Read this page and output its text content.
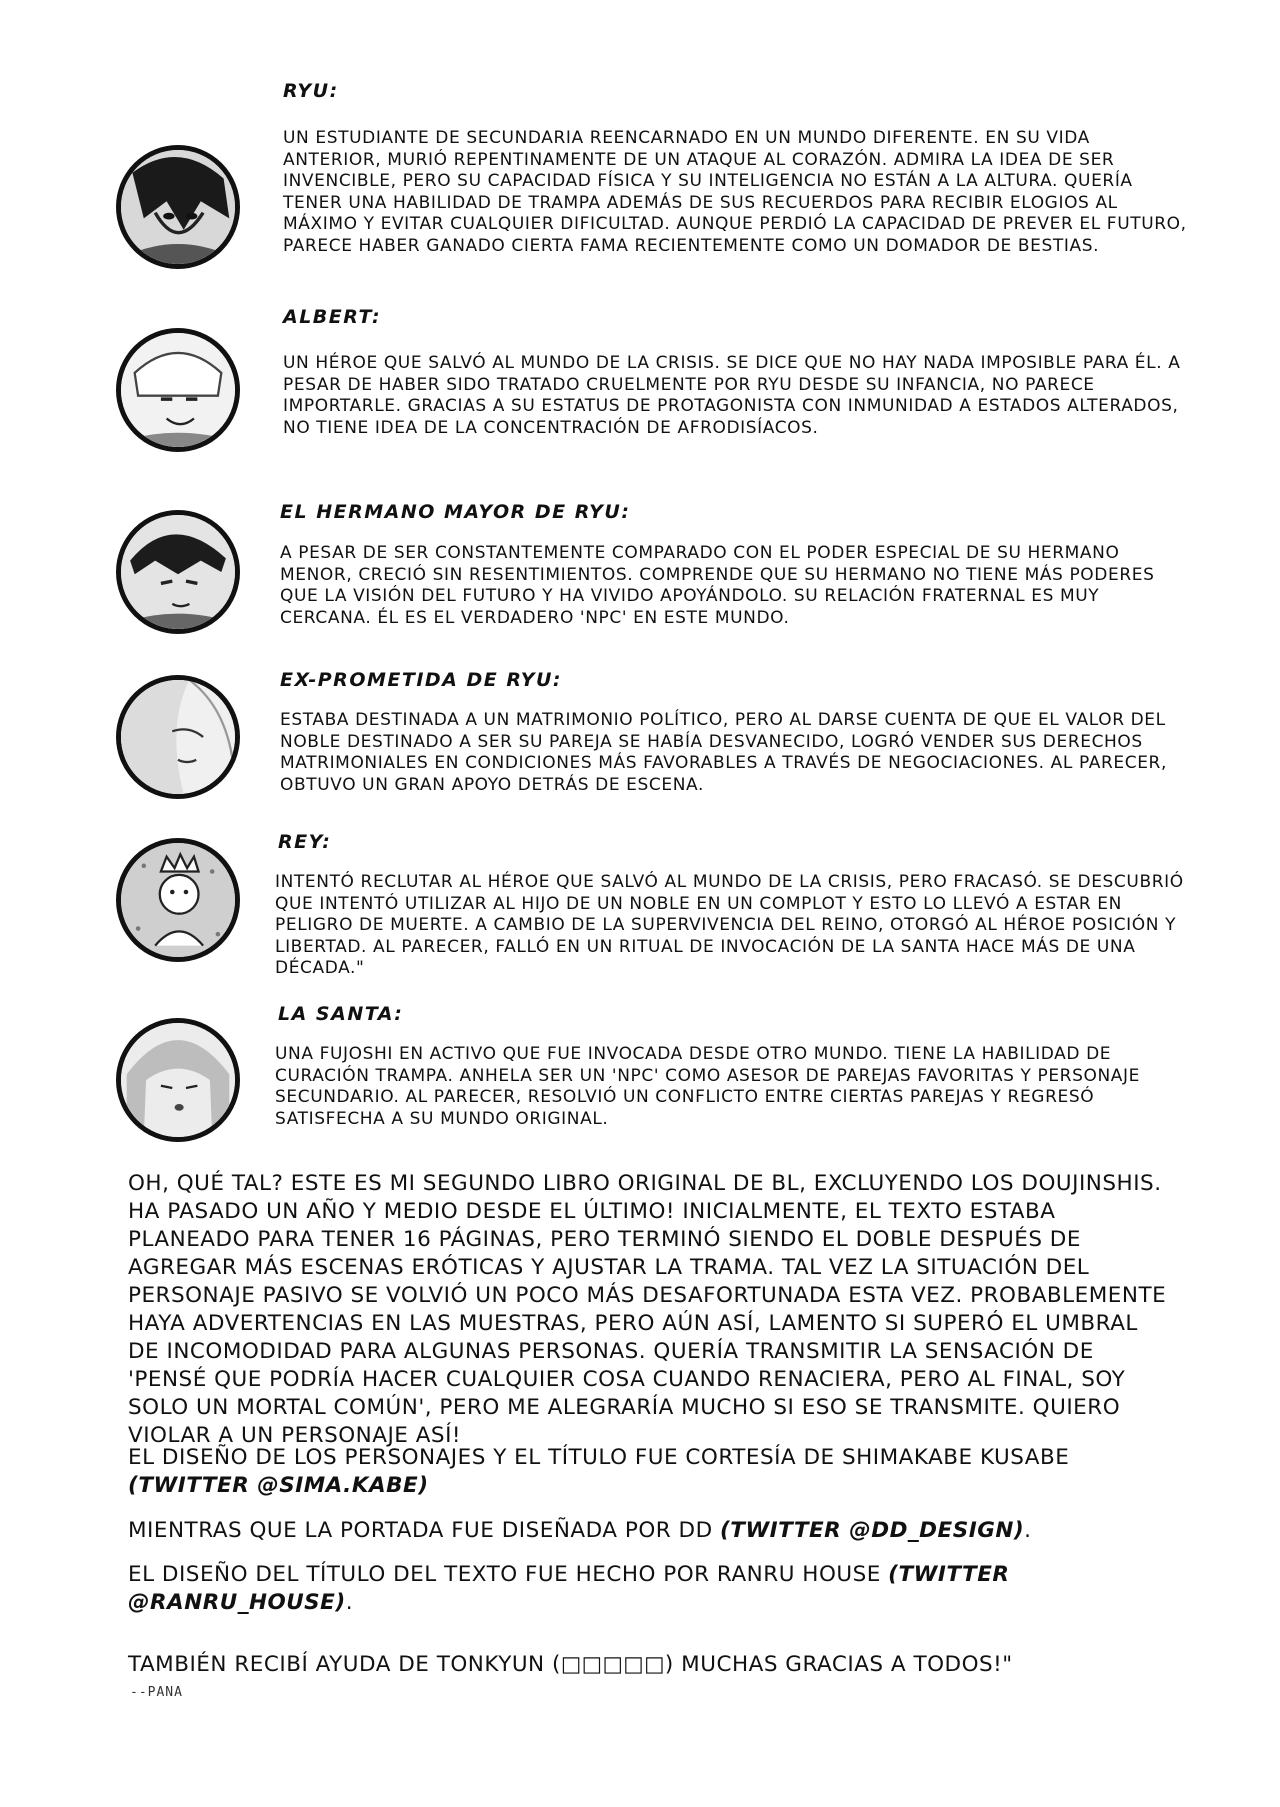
RYU:
UN ESTUDIANTE DE SECUNDARIA REENCARNADO EN UN MUNDO DIFERENTE. EN SU VIDA ANTERIOR, MURIÓ REPENTINAMENTE DE UN ATAQUE AL CORAZÓN. ADMIRA LA IDEA DE SER INVENCIBLE, PERO SU CAPACIDAD FÍSICA Y SU INTELIGENCIA NO ESTÁN A LA ALTURA. QUERÍA TENER UNA HABILIDAD DE TRAMPA ADEMÁS DE SUS RECUERDOS PARA RECIBIR ELOGIOS AL MÁXIMO Y EVITAR CUALQUIER DIFICULTAD. AUNQUE PERDIÓ LA CAPACIDAD DE PREVER EL FUTURO, PARECE HABER GANADO CIERTA FAMA RECIENTEMENTE COMO UN DOMADOR DE BESTIAS.
ALBERT:
UN HÉROE QUE SALVÓ AL MUNDO DE LA CRISIS. SE DICE QUE NO HAY NADA IMPOSIBLE PARA ÉL. A PESAR DE HABER SIDO TRATADO CRUELMENTE POR RYU DESDE SU INFANCIA, NO PARECE IMPORTARLE. GRACIAS A SU ESTATUS DE PROTAGONISTA CON INMUNIDAD A ESTADOS ALTERADOS, NO TIENE IDEA DE LA CONCENTRACIÓN DE AFRODISÍACOS.
EL HERMANO MAYOR DE RYU:
A PESAR DE SER CONSTANTEMENTE COMPARADO CON EL PODER ESPECIAL DE SU HERMANO MENOR, CRECIÓ SIN RESENTIMIENTOS. COMPRENDE QUE SU HERMANO NO TIENE MÁS PODERES QUE LA VISIÓN DEL FUTURO Y HA VIVIDO APOYÁNDOLO. SU RELACIÓN FRATERNAL ES MUY CERCANA. ÉL ES EL VERDADERO 'NPC' EN ESTE MUNDO.
EX-PROMETIDA DE RYU:
ESTABA DESTINADA A UN MATRIMONIO POLÍTICO, PERO AL DARSE CUENTA DE QUE EL VALOR DEL NOBLE DESTINADO A SER SU PAREJA SE HABÍA DESVANECIDO, LOGRÓ VENDER SUS DERECHOS MATRIMONIALES EN CONDICIONES MÁS FAVORABLES A TRAVÉS DE NEGOCIACIONES. AL PARECER, OBTUVO UN GRAN APOYO DETRÁS DE ESCENA.
REY:
INTENTÓ RECLUTAR AL HÉROE QUE SALVÓ AL MUNDO DE LA CRISIS, PERO FRACASÓ. SE DESCUBRIÓ QUE INTENTÓ UTILIZAR AL HIJO DE UN NOBLE EN UN COMPLOT Y ESTO LO LLEVÓ A ESTAR EN PELIGRO DE MUERTE. A CAMBIO DE LA SUPERVIVENCIA DEL REINO, OTORGÓ AL HÉROE POSICIÓN Y LIBERTAD. AL PARECER, FALLÓ EN UN RITUAL DE INVOCACIÓN DE LA SANTA HACE MÁS DE UNA DÉCADA."
LA SANTA:
UNA FUJOSHI EN ACTIVO QUE FUE INVOCADA DESDE OTRO MUNDO. TIENE LA HABILIDAD DE CURACIÓN TRAMPA. ANHELA SER UN 'NPC' COMO ASESOR DE PAREJAS FAVORITAS Y PERSONAJE SECUNDARIO. AL PARECER, RESOLVIÓ UN CONFLICTO ENTRE CIERTAS PAREJAS Y REGRESÓ SATISFECHA A SU MUNDO ORIGINAL.
OH, QUÉ TAL? ESTE ES MI SEGUNDO LIBRO ORIGINAL DE BL, EXCLUYENDO LOS DOUJINSHIS. HA PASADO UN AÑO Y MEDIO DESDE EL ÚLTIMO! INICIALMENTE, EL TEXTO ESTABA PLANEADO PARA TENER 16 PÁGINAS, PERO TERMINÓ SIENDO EL DOBLE DESPUÉS DE AGREGAR MÁS ESCENAS ERÓTICAS Y AJUSTAR LA TRAMA. TAL VEZ LA SITUACIÓN DEL PERSONAJE PASIVO SE VOLVIÓ UN POCO MÁS DESAFORTUNADA ESTA VEZ. PROBABLEMENTE HAYA ADVERTENCIAS EN LAS MUESTRAS, PERO AÚN ASÍ, LAMENTO SI SUPERÓ EL UMBRAL DE INCOMODIDAD PARA ALGUNAS PERSONAS. QUERÍA TRANSMITIR LA SENSACIÓN DE 'PENSÉ QUE PODRÍA HACER CUALQUIER COSA CUANDO RENACIERA, PERO AL FINAL, SOY SOLO UN MORTAL COMÚN', PERO ME ALEGRARÍA MUCHO SI ESO SE TRANSMITE. QUIERO VIOLAR A UN PERSONAJE ASÍ!
EL DISEÑO DE LOS PERSONAJES Y EL TÍTULO FUE CORTESÍA DE SHIMAKABE KUSABE (TWITTER @SIMA.KABE)
MIENTRAS QUE LA PORTADA FUE DISEÑADA POR DD (TWITTER @DD_DESIGN).
EL DISEÑO DEL TÍTULO DEL TEXTO FUE HECHO POR RANRU HOUSE (TWITTER @RANRU_HOUSE).
TAMBIÉN RECIBÍ AYUDA DE TONKYUN (□□□□□) MUCHAS GRACIAS A TODOS!"
--PANA
